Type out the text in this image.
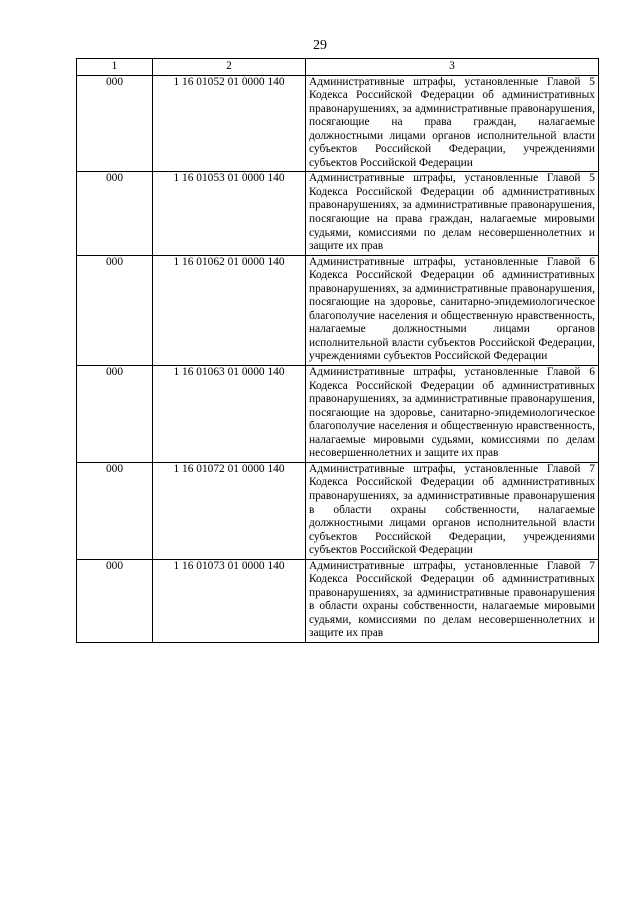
29
1	2	3
000	1 16 01052 01 0000 140	Административные штрафы, установленные Главой 5 Кодекса Российской Федерации об административных правонарушениях, за административные правонарушения, посягающие на права граждан, налагаемые должностными лицами органов исполнительной власти субъектов Российской Федерации, учреждениями субъектов Российской Федерации
000	1 16 01053 01 0000 140	Административные штрафы, установленные Главой 5 Кодекса Российской Федерации об административных правонарушениях, за административные правонарушения, посягающие на права граждан, налагаемые мировыми судьями, комиссиями по делам несовершеннолетних и защите их прав
000	1 16 01062 01 0000 140	Административные штрафы, установленные Главой 6 Кодекса Российской Федерации об административных правонарушениях, за административные правонарушения, посягающие на здоровье, санитарно-эпидемиологическое благополучие населения и общественную нравственность, налагаемые должностными лицами органов исполнительной власти субъектов Российской Федерации, учреждениями субъектов Российской Федерации
000	1 16 01063 01 0000 140	Административные штрафы, установленные Главой 6 Кодекса Российской Федерации об административных правонарушениях, за административные правонарушения, посягающие на здоровье, санитарно-эпидемиологическое благополучие населения и общественную нравственность, налагаемые мировыми судьями, комиссиями по делам несовершеннолетних и защите их прав
000	1 16 01072 01 0000 140	Административные штрафы, установленные Главой 7 Кодекса Российской Федерации об административных правонарушениях, за административные правонарушения в области охраны собственности, налагаемые должностными лицами органов исполнительной власти субъектов Российской Федерации, учреждениями субъектов Российской Федерации
000	1 16 01073 01 0000 140	Административные штрафы, установленные Главой 7 Кодекса Российской Федерации об административных правонарушениях, за административные правонарушения в области охраны собственности, налагаемые мировыми судьями, комиссиями по делам несовершеннолетних и защите их прав
